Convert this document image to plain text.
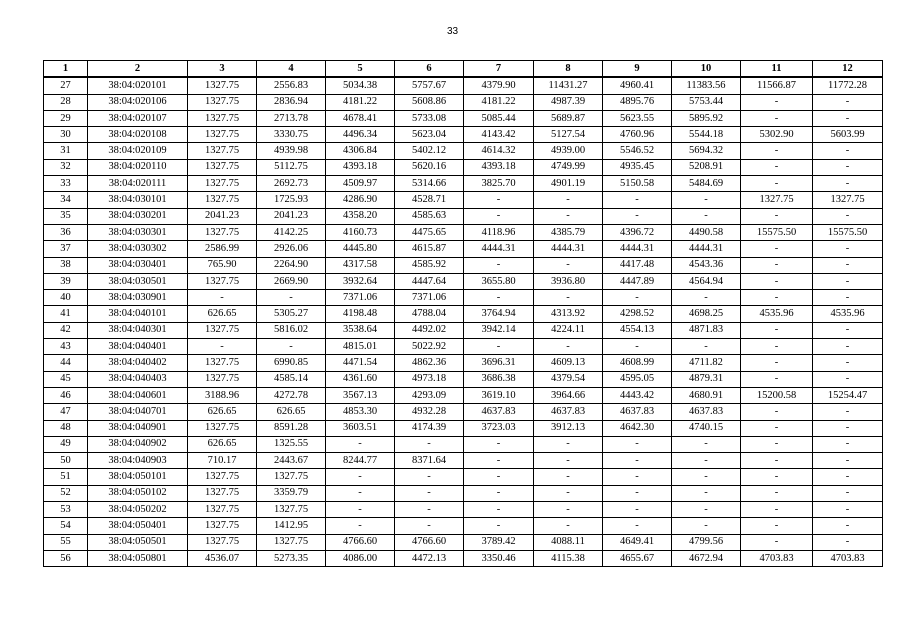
33
1	2	3	4	5	6	7	8	9	10	11	12
27	38:04:020101	1327.75	2556.83	5034.38	5757.67	4379.90	11431.27	4960.41	11383.56	11566.87	11772.28
28	38:04:020106	1327.75	2836.94	4181.22	5608.86	4181.22	4987.39	4895.76	5753.44	-	-
29	38:04:020107	1327.75	2713.78	4678.41	5733.08	5085.44	5689.87	5623.55	5895.92	-	-
30	38:04:020108	1327.75	3330.75	4496.34	5623.04	4143.42	5127.54	4760.96	5544.18	5302.90	5603.99
31	38:04:020109	1327.75	4939.98	4306.84	5402.12	4614.32	4939.00	5546.52	5694.32	-	-
32	38:04:020110	1327.75	5112.75	4393.18	5620.16	4393.18	4749.99	4935.45	5208.91	-	-
33	38:04:020111	1327.75	2692.73	4509.97	5314.66	3825.70	4901.19	5150.58	5484.69	-	-
34	38:04:030101	1327.75	1725.93	4286.90	4528.71	-	-	-	-	1327.75	1327.75
35	38:04:030201	2041.23	2041.23	4358.20	4585.63	-	-	-	-	-	-
36	38:04:030301	1327.75	4142.25	4160.73	4475.65	4118.96	4385.79	4396.72	4490.58	15575.50	15575.50
37	38:04:030302	2586.99	2926.06	4445.80	4615.87	4444.31	4444.31	4444.31	4444.31	-	-
38	38:04:030401	765.90	2264.90	4317.58	4585.92	-	-	4417.48	4543.36	-	-
39	38:04:030501	1327.75	2669.90	3932.64	4447.64	3655.80	3936.80	4447.89	4564.94	-	-
40	38:04:030901	-	-	7371.06	7371.06	-	-	-	-	-	-
41	38:04:040101	626.65	5305.27	4198.48	4788.04	3764.94	4313.92	4298.52	4698.25	4535.96	4535.96
42	38:04:040301	1327.75	5816.02	3538.64	4492.02	3942.14	4224.11	4554.13	4871.83	-	-
43	38:04:040401	-	-	4815.01	5022.92	-	-	-	-	-	-
44	38:04:040402	1327.75	6990.85	4471.54	4862.36	3696.31	4609.13	4608.99	4711.82	-	-
45	38:04:040403	1327.75	4585.14	4361.60	4973.18	3686.38	4379.54	4595.05	4879.31	-	-
46	38:04:040601	3188.96	4272.78	3567.13	4293.09	3619.10	3964.66	4443.42	4680.91	15200.58	15254.47
47	38:04:040701	626.65	626.65	4853.30	4932.28	4637.83	4637.83	4637.83	4637.83	-	-
48	38:04:040901	1327.75	8591.28	3603.51	4174.39	3723.03	3912.13	4642.30	4740.15	-	-
49	38:04:040902	626.65	1325.55	-	-	-	-	-	-	-	-
50	38:04:040903	710.17	2443.67	8244.77	8371.64	-	-	-	-	-	-
51	38:04:050101	1327.75	1327.75	-	-	-	-	-	-	-	-
52	38:04:050102	1327.75	3359.79	-	-	-	-	-	-	-	-
53	38:04:050202	1327.75	1327.75	-	-	-	-	-	-	-	-
54	38:04:050401	1327.75	1412.95	-	-	-	-	-	-	-	-
55	38:04:050501	1327.75	1327.75	4766.60	4766.60	3789.42	4088.11	4649.41	4799.56	-	-
56	38:04:050801	4536.07	5273.35	4086.00	4472.13	3350.46	4115.38	4655.67	4672.94	4703.83	4703.83
